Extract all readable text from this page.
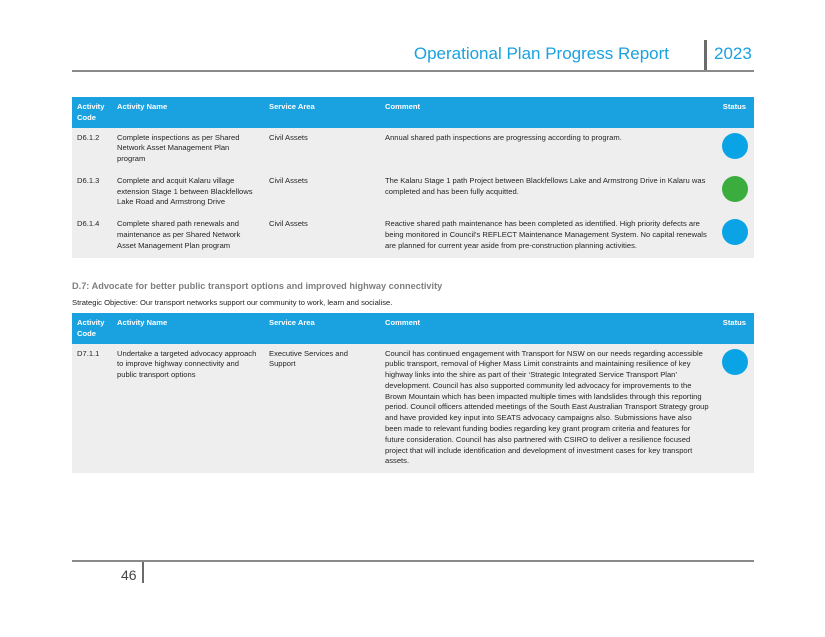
Operational Plan Progress Report	2023
Activity Code	Activity Name	Service Area	Comment	Status
D6.1.2	Complete inspections as per Shared Network Asset Management Plan program	Civil Assets	Annual shared path inspections are progressing according to program.	
D6.1.3	Complete and acquit Kalaru village extension Stage 1 between Blackfellows Lake Road and Armstrong Drive	Civil Assets	The Kalaru Stage 1 path Project between Blackfellows Lake and Armstrong Drive in Kalaru was completed and has been fully acquitted.	
D6.1.4	Complete shared path renewals and maintenance as per Shared Network Asset Management Plan program	Civil Assets	Reactive shared path maintenance has been completed as identified. High priority defects are being monitored in Council’s REFLECT Maintenance Management System. No capital renewals are planned for current year aside from pre-construction planning activities.	
D.7: Advocate for better public transport options and improved highway connectivity
Strategic Objective: Our transport networks support our community to work, learn and socialise.
Activity Code	Activity Name	Service Area	Comment	Status
D7.1.1	Undertake a targeted advocacy approach to improve highway connectivity and public transport options	Executive Services and Support	Council has continued engagement with Transport for NSW on our needs regarding accessible public transport, removal of Higher Mass Limit constraints and maintaining resilience of key highway links into the shire as part of their ‘Strategic Integrated Service Transport Plan’ development. Council has also supported community led advocacy for improvements to the Brown Mountain which has been impacted multiple times with landslides through this reporting period. Council officers attended meetings of the South East Australian Transport Strategy group and have provided key input into SEATS advocacy campaigns also. Submissions have also been made to relevant funding bodies regarding key grant program criteria and features for future consideration. Council has also partnered with CSIRO to deliver a resilience focused project that will include identification and development of investment cases for key transport assets.	
46
